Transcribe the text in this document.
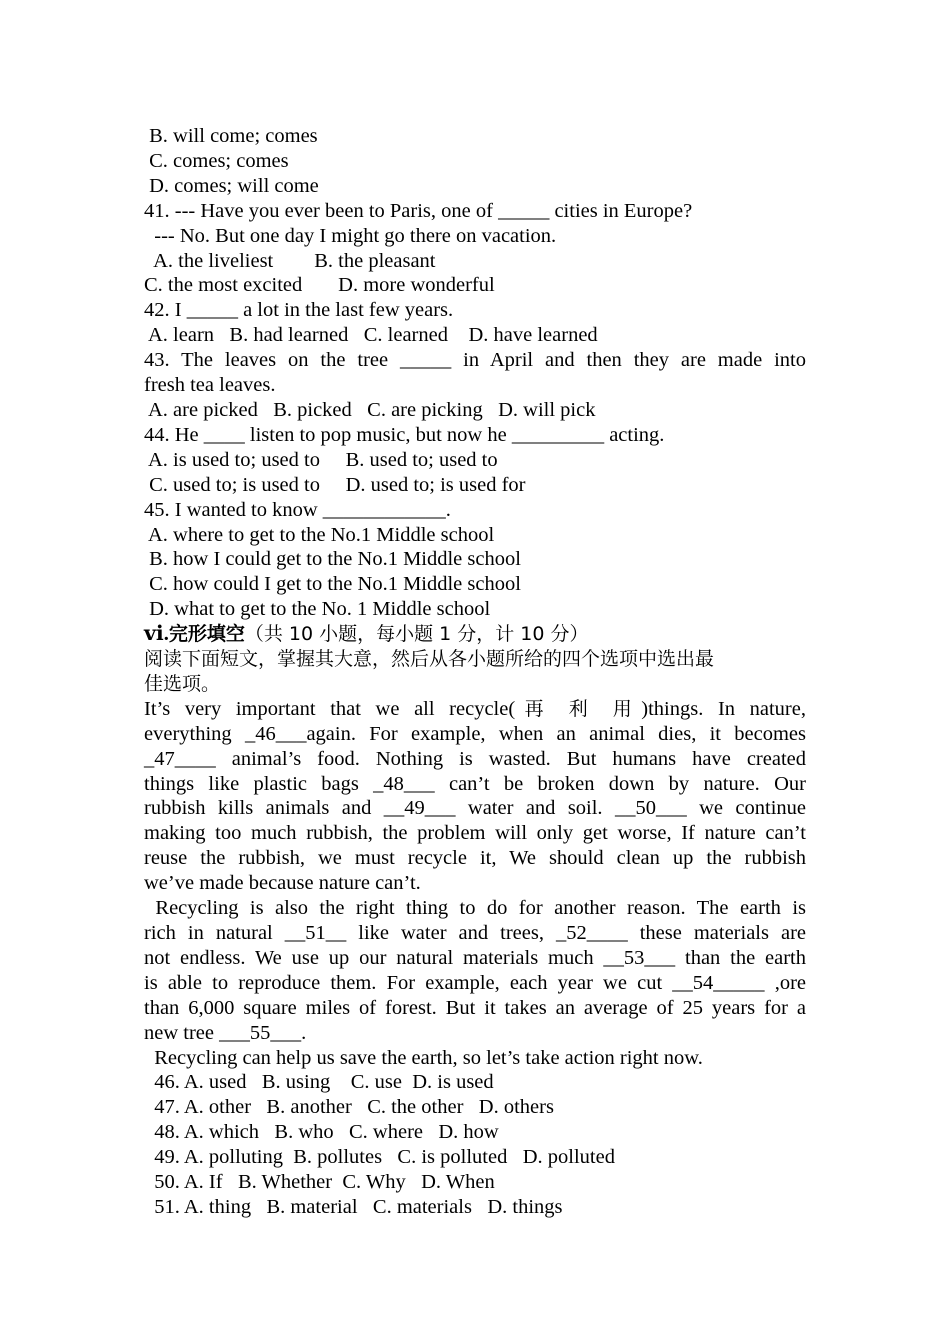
B. will come; comes
C. comes; comes
D. comes; will come
41. --- Have you ever been to Paris, one of _____ cities in Europe?
--- No. But one day I might go there on vacation.
A. the liveliest        B. the pleasant
C. the most excited       D. more wonderful
42. I _____ a lot in the last few years.
A. learn   B. had learned   C. learned    D. have learned
43. The leaves on the tree _____ in April and then they are made into
fresh tea leaves.
A. are picked   B. picked   C. are picking   D. will pick
44. He ____ listen to pop music, but now he _________ acting.
A. is used to; used to     B. used to; used to
C. used to; is used to     D. used to; is used for
45. I wanted to know ____________.
A. where to get to the No.1 Middle school
B. how I could get to the No.1 Middle school
C. how could I get to the No.1 Middle school
D. what to get to the No. 1 Middle school
ⅵ.完形填空（共 10 小题，每小题 1 分，计 10 分）
阅读下面短文，掌握其大意，然后从各小题所给的四个选项中选出最
佳选项。
It’s very important that we all recycle(再 利 用)things. In nature,
everything _46___again. For example, when an animal dies, it becomes
_47____ animal’s food. Nothing is wasted. But humans have created
things like plastic bags _48___ can’t be broken down by nature. Our
rubbish kills animals and __49___ water and soil. __50___ we continue
making too much rubbish, the problem will only get worse, If nature can’t
reuse the rubbish, we must recycle it, We should clean up the rubbish
we’ve made because nature can’t.
Recycling is also the right thing to do for another reason. The earth is
rich in natural __51__ like water and trees, _52____ these materials are
not endless. We use up our natural materials much __53___ than the earth
is able to reproduce them. For example, each year we cut __54_____ ,ore
than 6,000 square miles of forest. But it takes an average of 25 years for a
new tree ___55___.
Recycling can help us save the earth, so let’s take action right now.
46. A. used   B. using    C. use  D. is used
47. A. other   B. another   C. the other   D. others
48. A. which   B. who   C. where   D. how
49. A. polluting  B. pollutes   C. is polluted   D. polluted
50. A. If   B. Whether  C. Why   D. When
51. A. thing   B. material   C. materials   D. things
